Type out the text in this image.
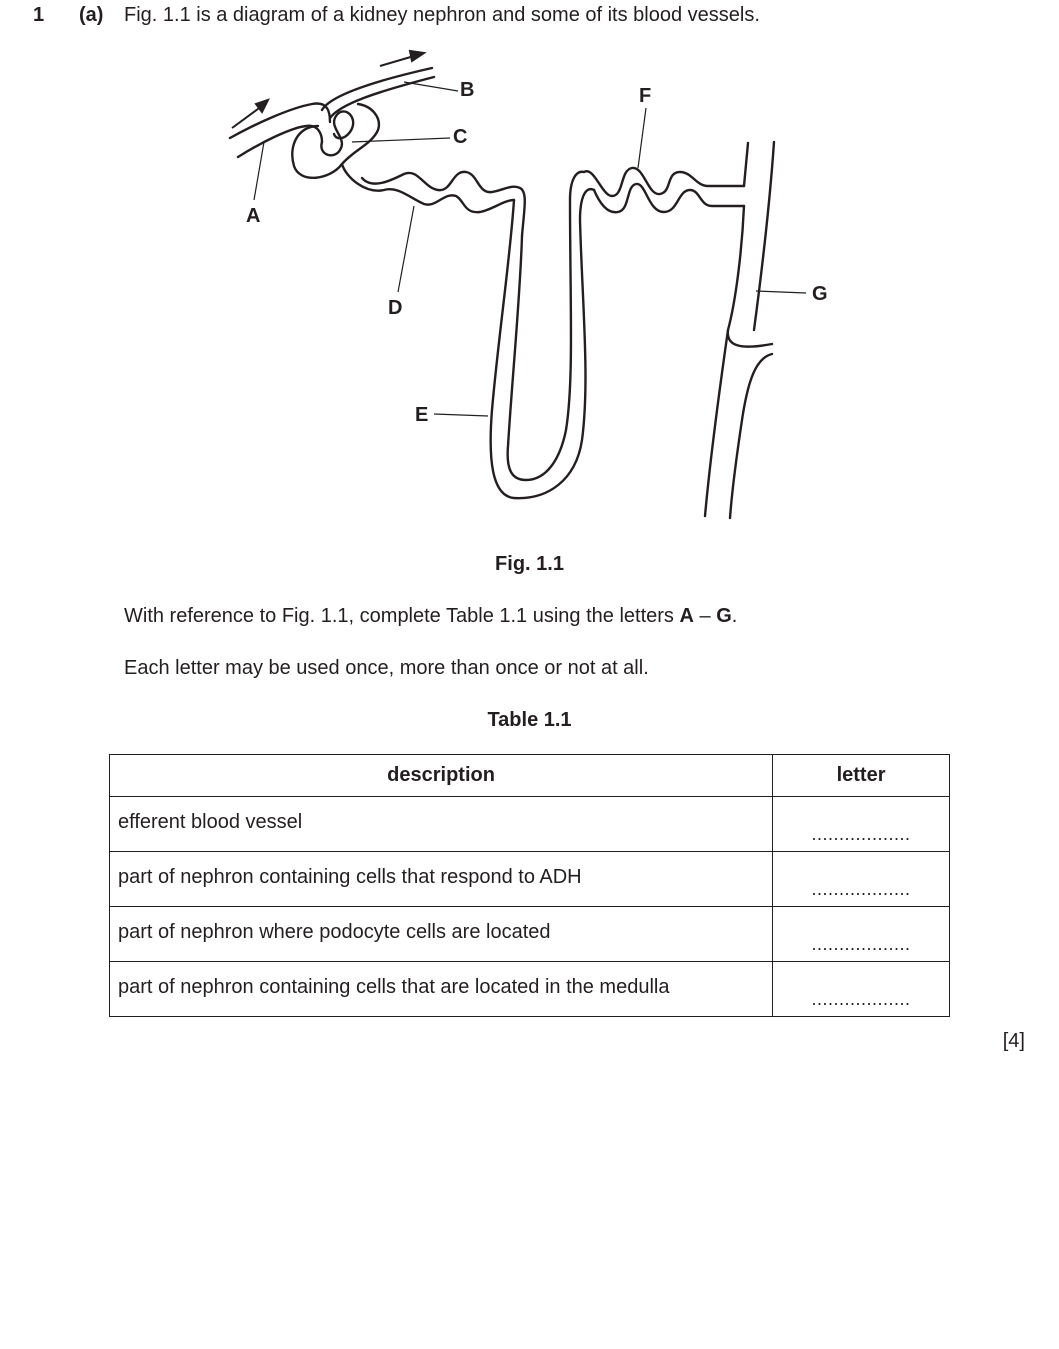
1 (a) Fig. 1.1 is a diagram of a kidney nephron and some of its blood vessels.
A
B
C
D
E
F
G
Fig. 1.1
With reference to Fig. 1.1, complete Table 1.1 using the letters A – G.
Each letter may be used once, more than once or not at all.
Table 1.1
description	letter
efferent blood vessel	..................
part of nephron containing cells that respond to ADH	..................
part of nephron where podocyte cells are located	..................
part of nephron containing cells that are located in the medulla	..................
[4]
